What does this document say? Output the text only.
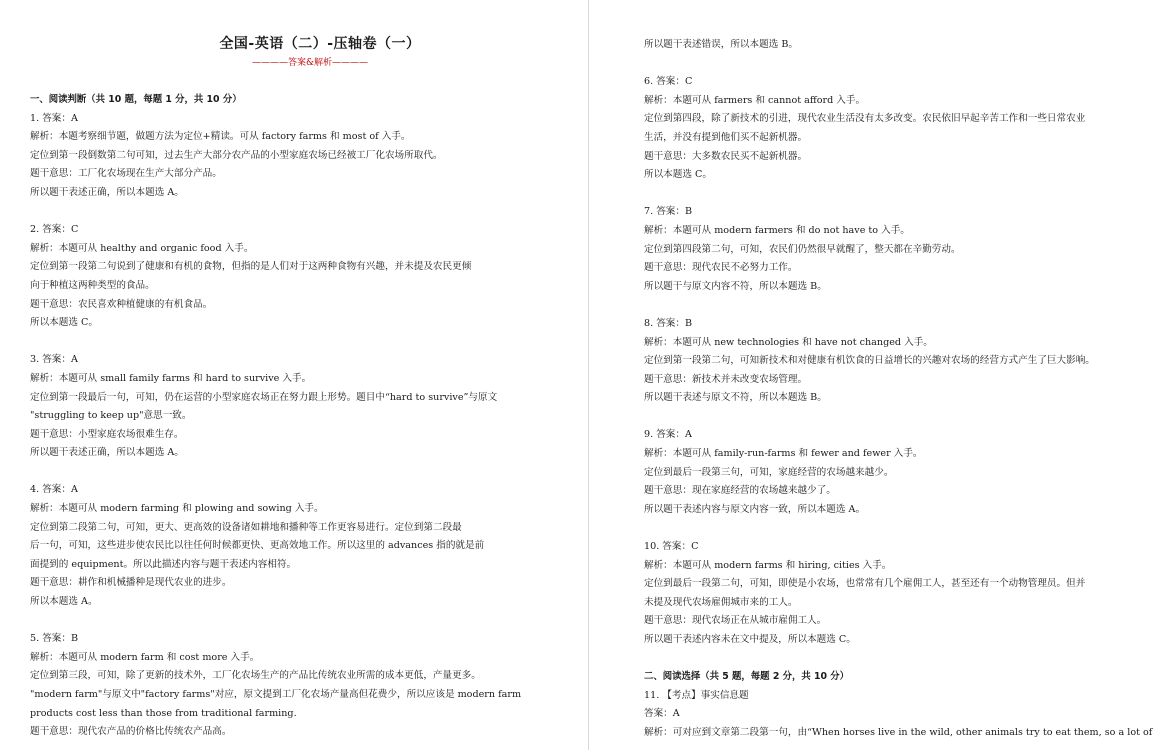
全国-英语（二）-压轴卷（一）
————答案&解析————
一、阅读判断（共 10 题，每题 1 分，共 10 分）
1. 答案：A
解析：本题考察细节题，做题方法为定位+精读。可从 factory farms 和 most of 入手。
定位到第一段倒数第二句可知，过去生产大部分农产品的小型家庭农场已经被工厂化农场所取代。
题干意思：工厂化农场现在生产大部分产品。
所以题干表述正确，所以本题选 A。
2. 答案：C
解析：本题可从 healthy and organic food 入手。
定位到第一段第二句说到了健康和有机的食物，但指的是人们对于这两种食物有兴趣，并未提及农民更倾
向于种植这两种类型的食品。
题干意思：农民喜欢种植健康的有机食品。
所以本题选 C。
3. 答案：A
解析：本题可从 small family farms 和 hard to survive 入手。
定位到第一段最后一句，可知，仍在运营的小型家庭农场正在努力跟上形势。题目中“hard to survive”与原文
"struggling to keep up"意思一致。
题干意思：小型家庭农场很难生存。
所以题干表述正确，所以本题选 A。
4. 答案：A
解析：本题可从 modern farming 和 plowing and sowing 入手。
定位到第二段第二句，可知，更大、更高效的设备诸如耕地和播种等工作更容易进行。定位到第二段最
后一句，可知，这些进步使农民比以往任何时候都更快、更高效地工作。所以这里的 advances 指的就是前
面提到的 equipment。所以此描述内容与题干表述内容相符。
题干意思：耕作和机械播种是现代农业的进步。
所以本题选 A。
5. 答案：B
解析：本题可从 modern farm 和 cost more 入手。
定位到第三段，可知，除了更新的技术外，工厂化农场生产的产品比传统农业所需的成本更低，产量更多。
"modern farm"与原文中"factory farms"对应，原文提到工厂化农场产量高但花费少，所以应该是 modern farm
products cost less than those from traditional farming.
题干意思：现代农产品的价格比传统农产品高。
所以题干表述错误，所以本题选 B。
6. 答案：C
解析：本题可从 farmers 和 cannot afford 入手。
定位到第四段，除了新技术的引进，现代农业生活没有太多改变。农民依旧早起辛苦工作和一些日常农业
生活，并没有提到他们买不起新机器。
题干意思：大多数农民买不起新机器。
所以本题选 C。
7. 答案：B
解析：本题可从 modern farmers 和 do not have to 入手。
定位到第四段第二句，可知，农民们仍然很早就醒了，整天都在辛勤劳动。
题干意思：现代农民不必努力工作。
所以题干与原文内容不符，所以本题选 B。
8. 答案：B
解析：本题可从 new technologies 和 have not changed 入手。
定位到第一段第二句，可知新技术和对健康有机饮食的日益增长的兴趣对农场的经营方式产生了巨大影响。
题干意思：新技术并未改变农场管理。
所以题干表述与原文不符，所以本题选 B。
9. 答案：A
解析：本题可从 family-run-farms 和 fewer and fewer 入手。
定位到最后一段第三句，可知，家庭经营的农场越来越少。
题干意思：现在家庭经营的农场越来越少了。
所以题干表述内容与原文内容一致，所以本题选 A。
10. 答案：C
解析：本题可从 modern farms 和 hiring, cities 入手。
定位到最后一段第二句，可知，即使是小农场，也常常有几个雇佣工人，甚至还有一个动物管理员。但并
未提及现代农场雇佣城市来的工人。
题干意思：现代农场正在从城市雇佣工人。
所以题干表述内容未在文中提及，所以本题选 C。
二、阅读选择（共 5 题，每题 2 分，共 10 分）
11. 【考点】事实信息题
答案：A
解析：可对应到文章第二段第一句，由“When horses live in the wild, other animals try to eat them, so a lot of
